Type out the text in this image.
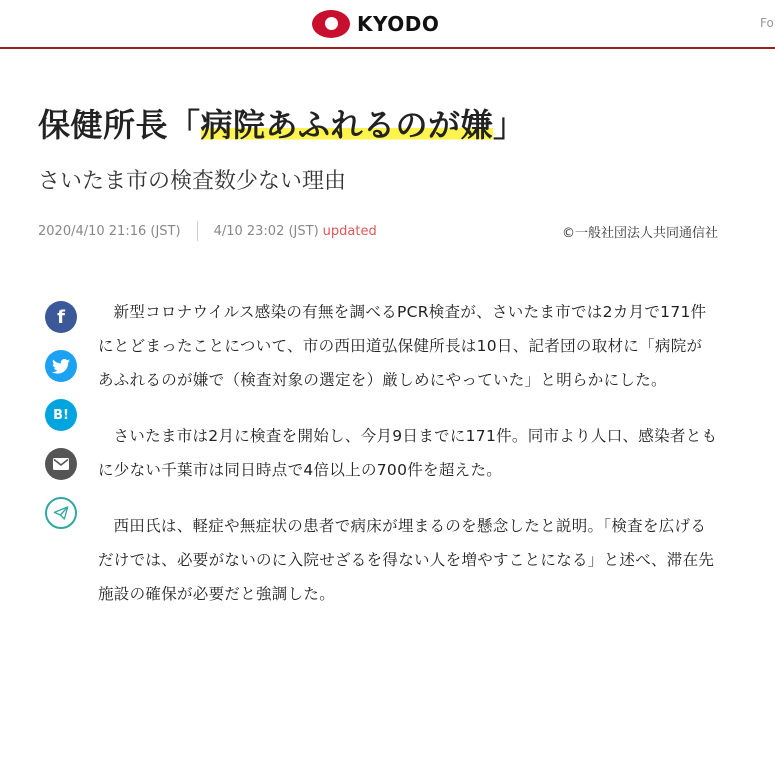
KYODO	Fo
保健所長「病院あふれるのが嫌」
さいたま市の検査数少ない理由
2020/4/10 21:16 (JST)	4/10 23:02 (JST) updated	©一般社団法人共同通信社
f
B!

新型コロナウイルス感染の有無を調べるPCR検査が、さいたま市では2カ月で171件にとどまったことについて、市の西田道弘保健所長は10日、記者団の取材に「病院があふれるのが嫌で（検査対象の選定を）厳しめにやっていた」と明らかにした。

さいたま市は2月に検査を開始し、今月9日までに171件。同市より人口、感染者ともに少ない千葉市は同日時点で4倍以上の700件を超えた。

西田氏は、軽症や無症状の患者で病床が埋まるのを懸念したと説明。「検査を広げるだけでは、必要がないのに入院せざるを得ない人を増やすことになる」と述べ、滞在先施設の確保が必要だと強調した。
